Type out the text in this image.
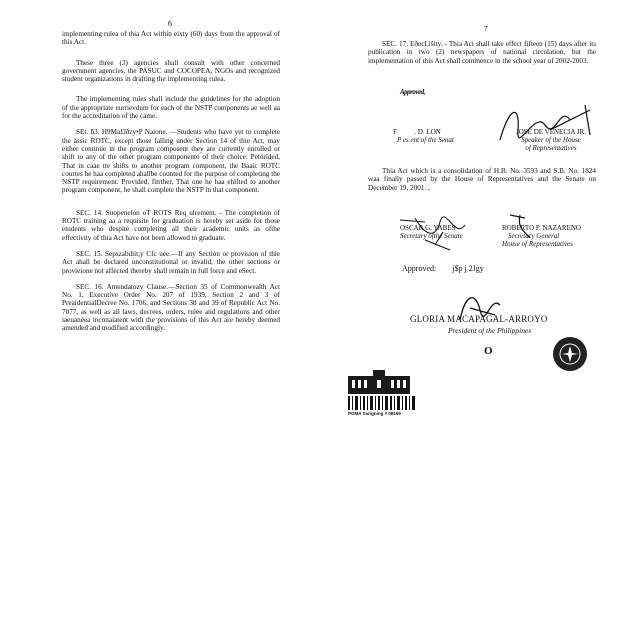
6

implementing rulea of thia Act within eixty (60) days from the approval of this Act.

These three (3) agencies shall consult with other concerned government agencies, the PASUC and COCOPEA, NGOs and recognized student organizations in drafting the implementing rulea.

The implementing rules shall include the guidelines for the adoption of the appropriate eurrievdum for each of the NSTP components ae well aa for the accreditation of the came.

SEt. ƃ3. H9Ma£îðzy•P Naione. —Students who have yet to complete the ässic ROTC, except those falling under Section 14 of thie Act, may either continue in the program composent they are currently enrolled or shift to any of the other program componento of their choice: Petórîded, That in caae tte shifts to another program component, the Baaic ROTC courtes he haa completed ahallbe counted for the purpose of completing the NSTP requirement. Provided, fitrther, That one he haa ehlfted to another program component, he shall complete the NSTP in that component.

SEC. 14. Suopenelon oT ROTS Req ulrement. - The comptetion of ROTC training aa a requisite for graduation is hereby set aside for those etudents who despite completing all their academic units as ofthe effectivity of thia Act have not been allowed to graduate.

SEC. 15. Sepszabdiit;y Cfc uee.—If any Section or provision of thie Act ahall be declared unconstitutional or invalid, the other sections or provieione not affected thereby shall remain in full force and eSect.

SEC. 16. Amendatozy Clause.—Section 35 of Commonwealth Act No. 1, Executive Order No. 207 of 1939, Section 2 and 3 of PreaidentialDecree No. 1706, and Sections 38 and 39 of Republic Act No. 7077, as well as all laws, decrees, orders, rulee and regulations and other iaeuanéea inconaiatent with the provisions of this Act are hereby deemed amended and modified accordingly.

7

SEC. 17. EðecLišity. - Thia Act shall take effect fifteen (15) days after its publication in two (2) newspapers of national circulation, but the implementation of this Act shall commence in the school year of 2002-2003.

Approved,
F          . D  LON
P es ent of the Senat
JOSE DE VENECIA JR.
Speaker of the House
of Representatives

Thia Act which is a consolidation of H.B. No. 3593 and S.B. No. 1824 waa finally passed by the House of Representatives and the Senate on December 19, 2001. ,

OSCAR G. YABES
Secretary ofthe Senate
ROBERTO P. NAZARENO
Secretary General
House of Representatives
Approved: j$p j 2Jgy
GLORIA MACAPAGAL-ARROYO
President of the Philippines
O
PGMA Sarigning # 08169
